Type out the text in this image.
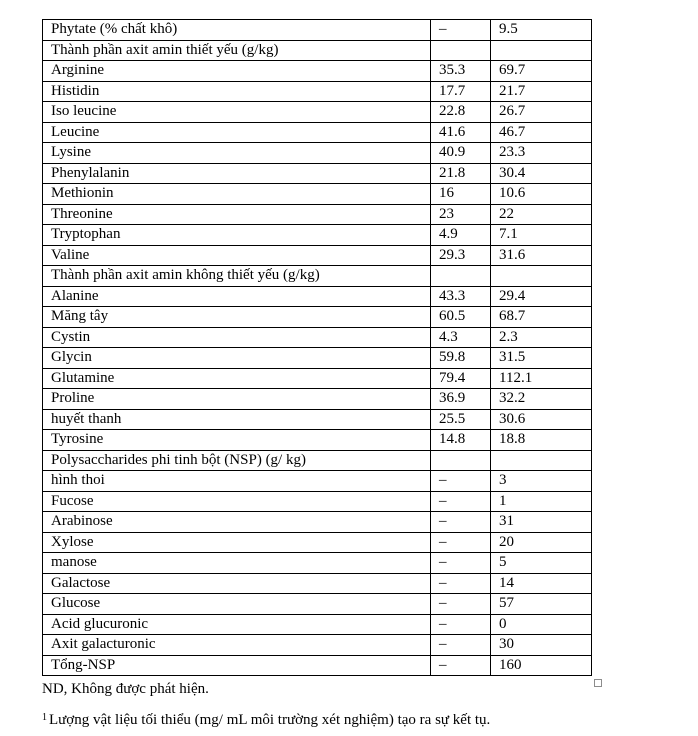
Phytate (% chất khô)	–	9.5
Thành phần axit amin thiết yếu (g/kg)		
Arginine	35.3	69.7
Histidin	17.7	21.7
Iso leucine	22.8	26.7
Leucine	41.6	46.7
Lysine	40.9	23.3
Phenylalanin	21.8	30.4
Methionin	16	10.6
Threonine	23	22
Tryptophan	4.9	7.1
Valine	29.3	31.6
Thành phần axit amin không thiết yếu (g/kg)		
Alanine	43.3	29.4
Măng tây	60.5	68.7
Cystin	4.3	2.3
Glycin	59.8	31.5
Glutamine	79.4	112.1
Proline	36.9	32.2
huyết thanh	25.5	30.6
Tyrosine	14.8	18.8
Polysaccharides phi tinh bột (NSP) (g/ kg)		
hình thoi	–	3
Fucose	–	1
Arabinose	–	31
Xylose	–	20
manose	–	5
Galactose	–	14
Glucose	–	57
Acid glucuronic	–	0
Axit galacturonic	–	30
Tổng-NSP	–	160
ND, Không được phát hiện.
$^1$ Lượng vật liệu tối thiểu (mg/ mL môi trường xét nghiệm) tạo ra sự kết tụ.
